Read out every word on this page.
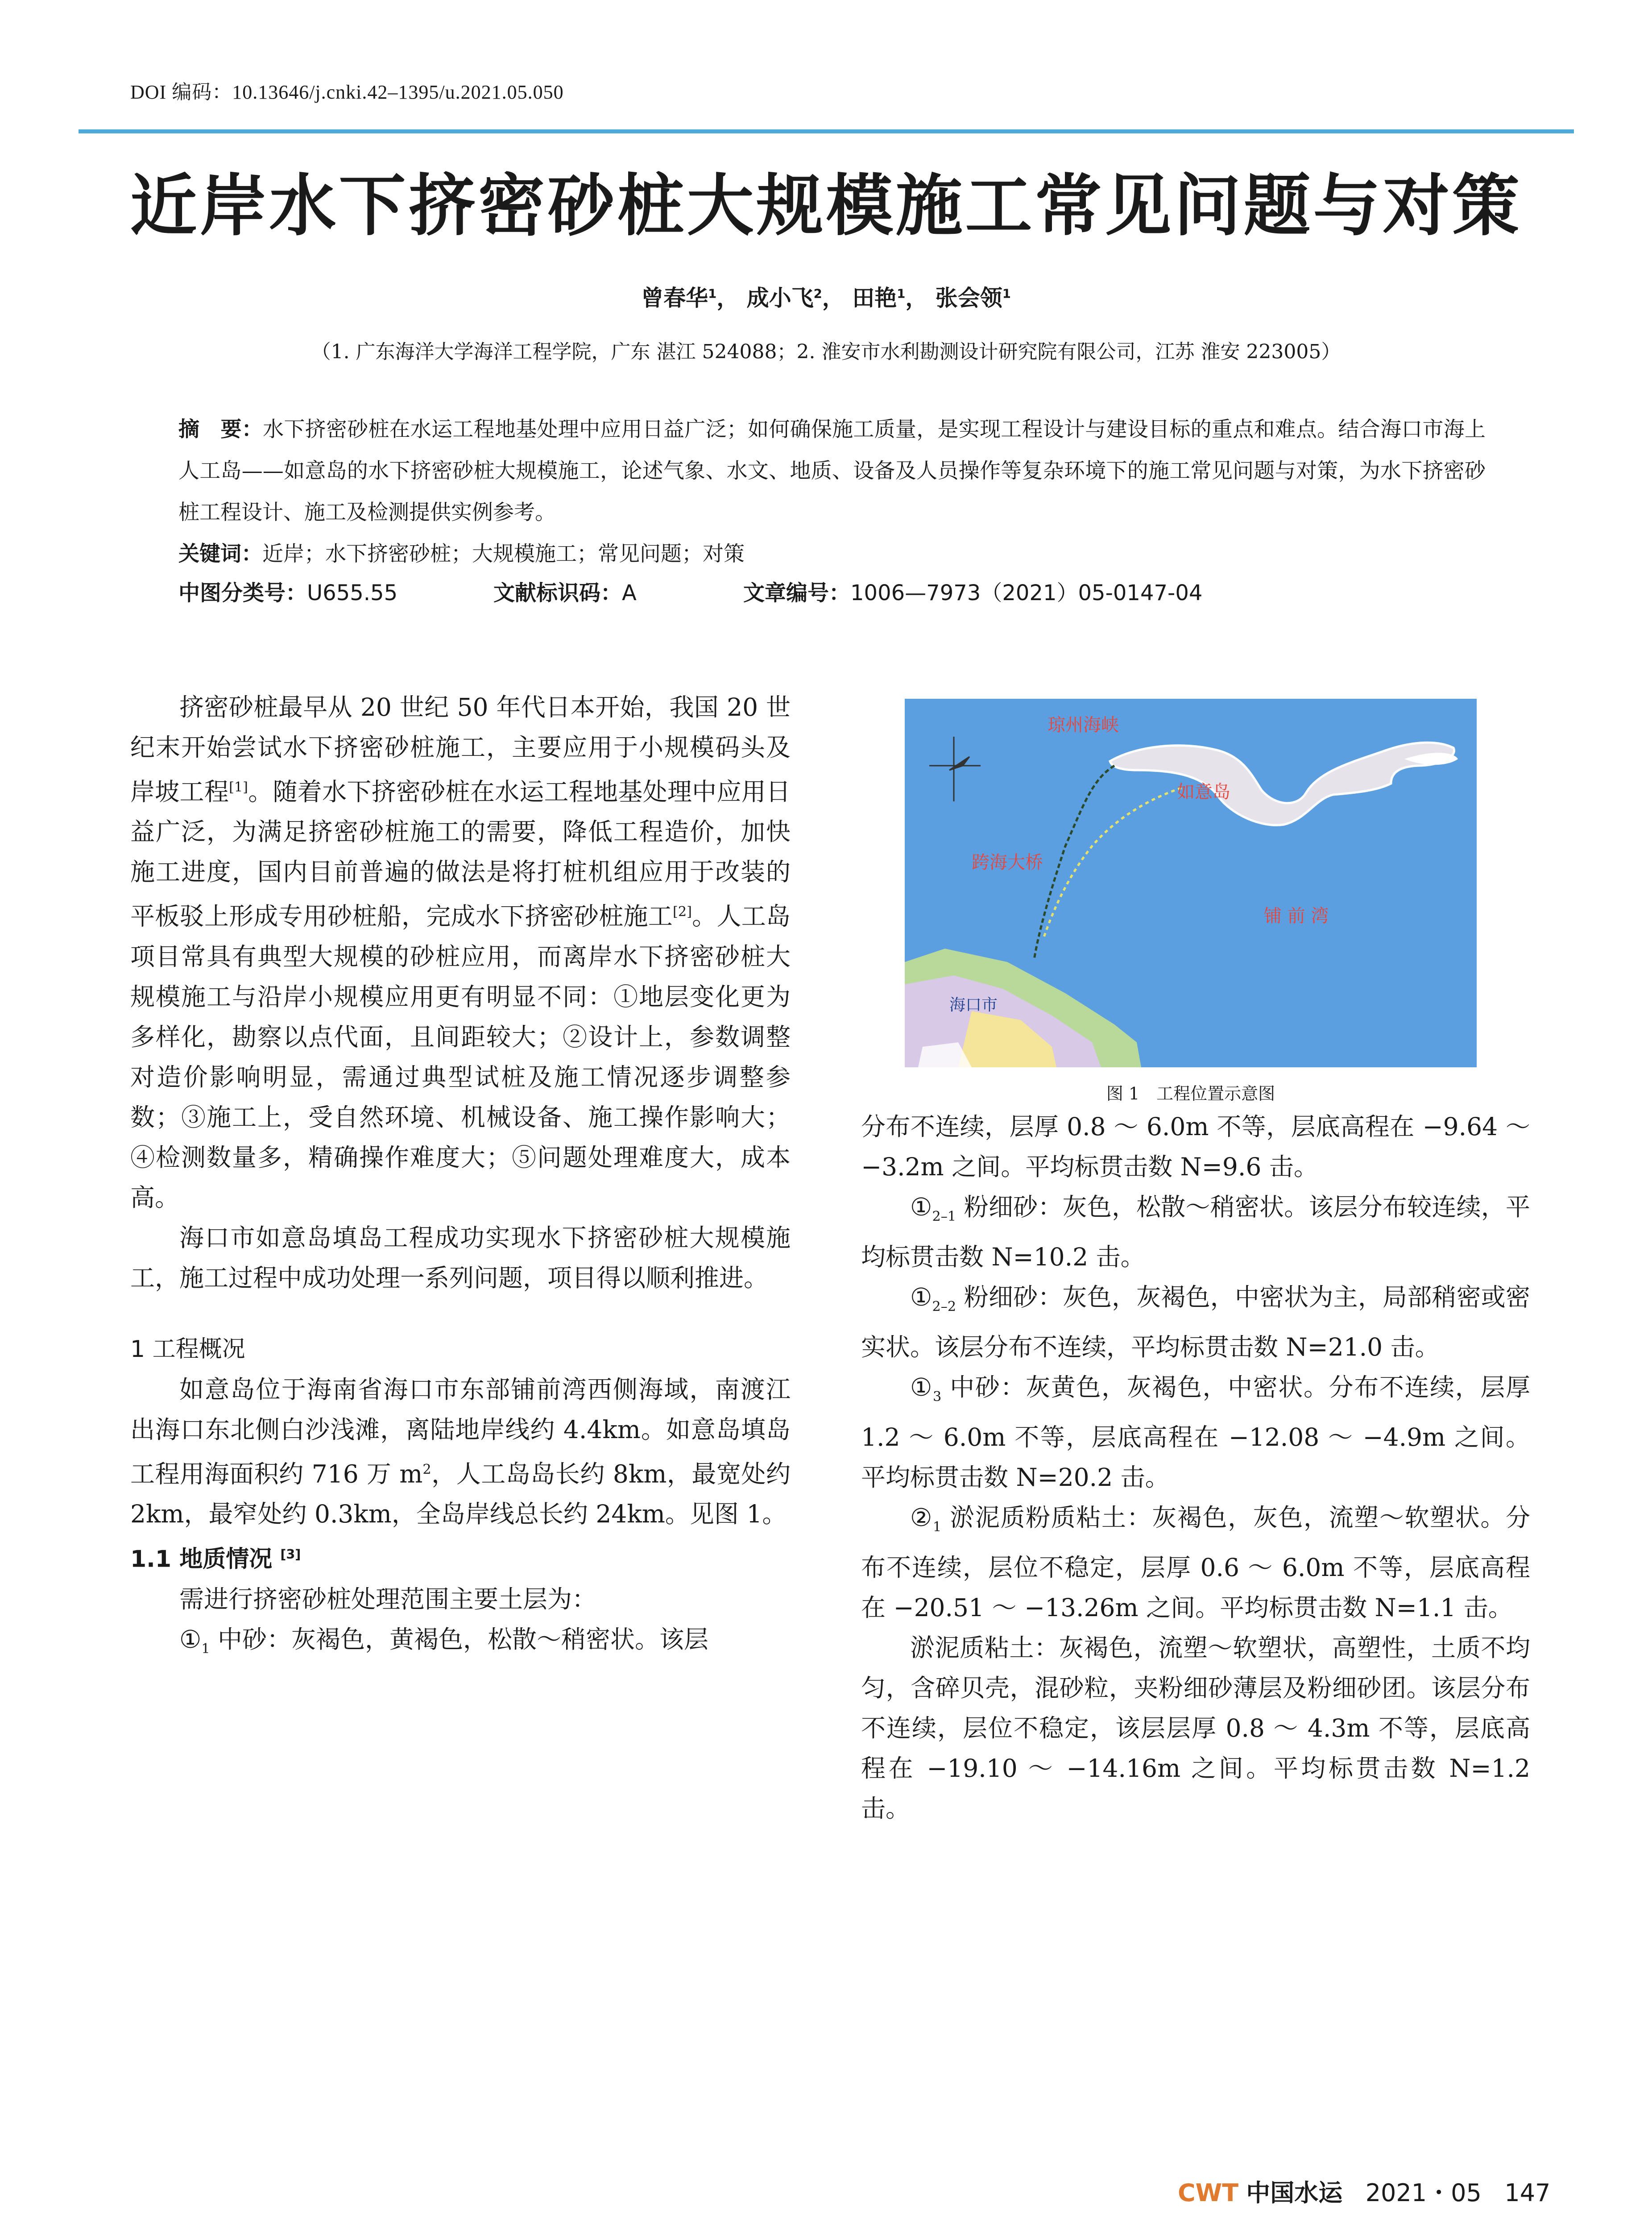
DOI 编码：10.13646/j.cnki.42–1395/u.2021.05.050
近岸水下挤密砂桩大规模施工常见问题与对策
曾春华$^1$， 成小飞$^2$， 田艳$^1$， 张会领$^1$
（1. 广东海洋大学海洋工程学院，广东 湛江 524088；2. 淮安市水利勘测设计研究院有限公司，江苏 淮安 223005）
摘　要：水下挤密砂桩在水运工程地基处理中应用日益广泛；如何确保施工质量，是实现工程设计与建设目标的重点和难点。结合海口市海上人工岛——如意岛的水下挤密砂桩大规模施工，论述气象、水文、地质、设备及人员操作等复杂环境下的施工常见问题与对策，为水下挤密砂桩工程设计、施工及检测提供实例参考。
关键词：近岸；水下挤密砂桩；大规模施工；常见问题；对策
中图分类号：U655.55	文献标识码：A	文章编号：1006—7973（2021）05-0147-04

挤密砂桩最早从 20 世纪 50 年代日本开始，我国 20 世纪末开始尝试水下挤密砂桩施工，主要应用于小规模码头及岸坡工程[1]。随着水下挤密砂桩在水运工程地基处理中应用日益广泛，为满足挤密砂桩施工的需要，降低工程造价，加快施工进度，国内目前普遍的做法是将打桩机组应用于改装的平板驳上形成专用砂桩船，完成水下挤密砂桩施工[2]。人工岛项目常具有典型大规模的砂桩应用，而离岸水下挤密砂桩大规模施工与沿岸小规模应用更有明显不同：①地层变化更为多样化，勘察以点代面，且间距较大；②设计上，参数调整对造价影响明显，需通过典型试桩及施工情况逐步调整参数；③施工上，受自然环境、机械设备、施工操作影响大；④检测数量多，精确操作难度大；⑤问题处理难度大，成本高。

海口市如意岛填岛工程成功实现水下挤密砂桩大规模施工，施工过程中成功处理一系列问题，项目得以顺利推进。

1 工程概况

如意岛位于海南省海口市东部铺前湾西侧海域，南渡江出海口东北侧白沙浅滩，离陆地岸线约 4.4km。如意岛填岛工程用海面积约 716 万 $m^2$，人工岛岛长约 8km，最宽处约 2km，最窄处约 0.3km，全岛岸线总长约 24km。见图 1。

1.1 地质情况 [3]

需进行挤密砂桩处理范围主要土层为：

$①_1$ 中砂：灰褐色，黄褐色，松散～稍密状。该层

琼州海峡
如意岛
跨海大桥
铺 前 湾
海口市
图 1　工程位置示意图

分布不连续，层厚 0.8 ～ 6.0m 不等，层底高程在 −9.64 ～ −3.2m 之间。平均标贯击数 N=9.6 击。

$①_{2-1}$ 粉细砂：灰色，松散～稍密状。该层分布较连续，平均标贯击数 N=10.2 击。

$①_{2-2}$ 粉细砂：灰色，灰褐色，中密状为主，局部稍密或密实状。该层分布不连续，平均标贯击数 N=21.0 击。

$①_3$ 中砂：灰黄色，灰褐色，中密状。分布不连续，层厚 1.2 ～ 6.0m 不等，层底高程在 −12.08 ～ −4.9m 之间。平均标贯击数 N=20.2 击。

$②_1$ 淤泥质粉质粘土：灰褐色，灰色，流塑～软塑状。分布不连续，层位不稳定，层厚 0.6 ～ 6.0m 不等，层底高程在 −20.51 ～ −13.26m 之间。平均标贯击数 N=1.1 击。

淤泥质粘土：灰褐色，流塑～软塑状，高塑性，土质不均匀，含碎贝壳，混砂粒，夹粉细砂薄层及粉细砂团。该层分布不连续，层位不稳定，该层层厚 0.8 ～ 4.3m 不等，层底高程在 −19.10 ～ −14.16m 之间。平均标贯击数 N=1.2 击。

CWT 中国水运 2021・05 147
